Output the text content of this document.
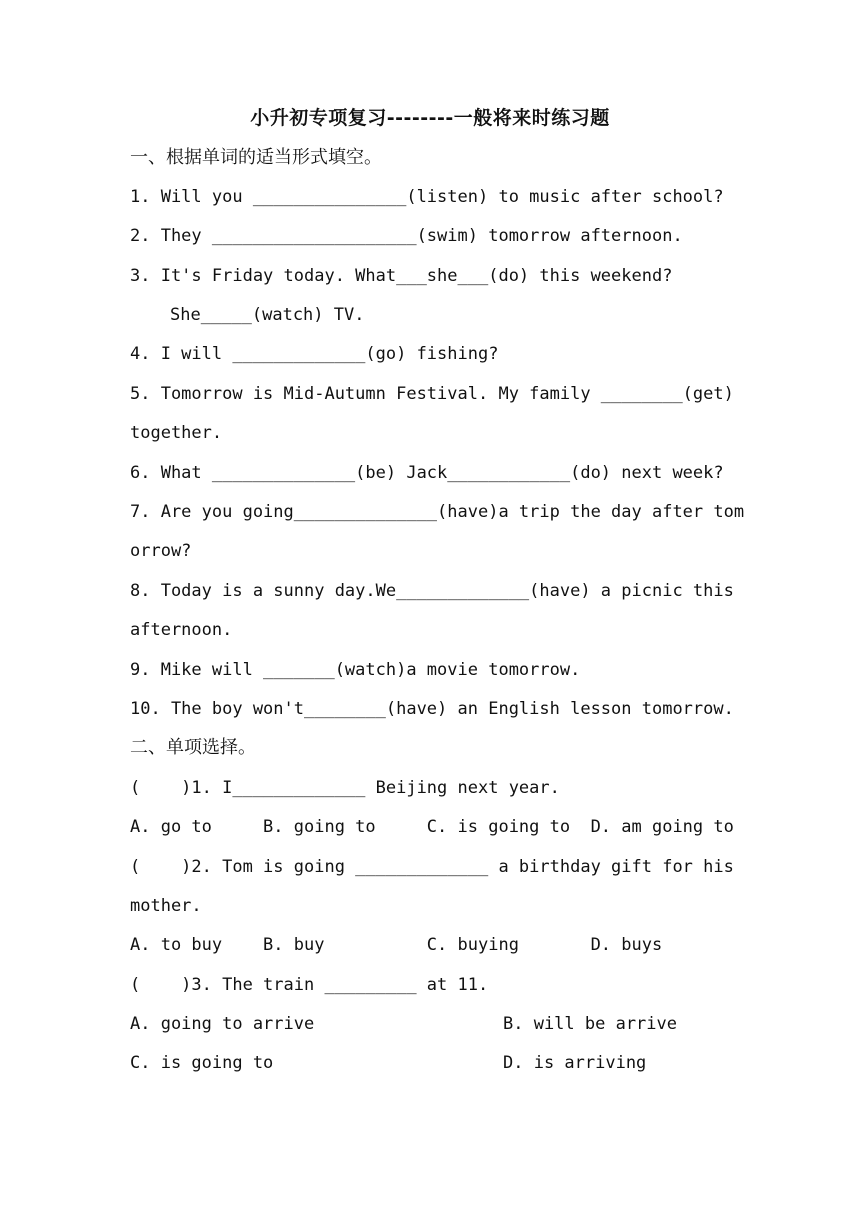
小升初专项复习--------一般将来时练习题
一、根据单词的适当形式填空。
1. Will you _______________(listen) to music after school?
2. They ____________________(swim) tomorrow afternoon.
3. It's Friday today. What___she___(do) this weekend?
She_____(watch) TV.
4. I will _____________(go) fishing?
5. Tomorrow is Mid-Autumn Festival. My family ________(get)
together.
6. What ______________(be) Jack____________(do) next week?
7. Are you going______________(have)a trip the day after tom
orrow?
8. Today is a sunny day.We_____________(have) a picnic this
afternoon.
9. Mike will _______(watch)a movie tomorrow.
10. The boy won't________(have) an English lesson tomorrow.
二、单项选择。
(    )1. I_____________ Beijing next year.
A. go to     B. going to     C. is going to  D. am going to
(    )2. Tom is going _____________ a birthday gift for his
mother.
A. to buy    B. buy          C. buying       D. buys
(    )3. The train _________ at 11.
A. going to arrive	B. will be arrive
C. is going to	D. is arriving
